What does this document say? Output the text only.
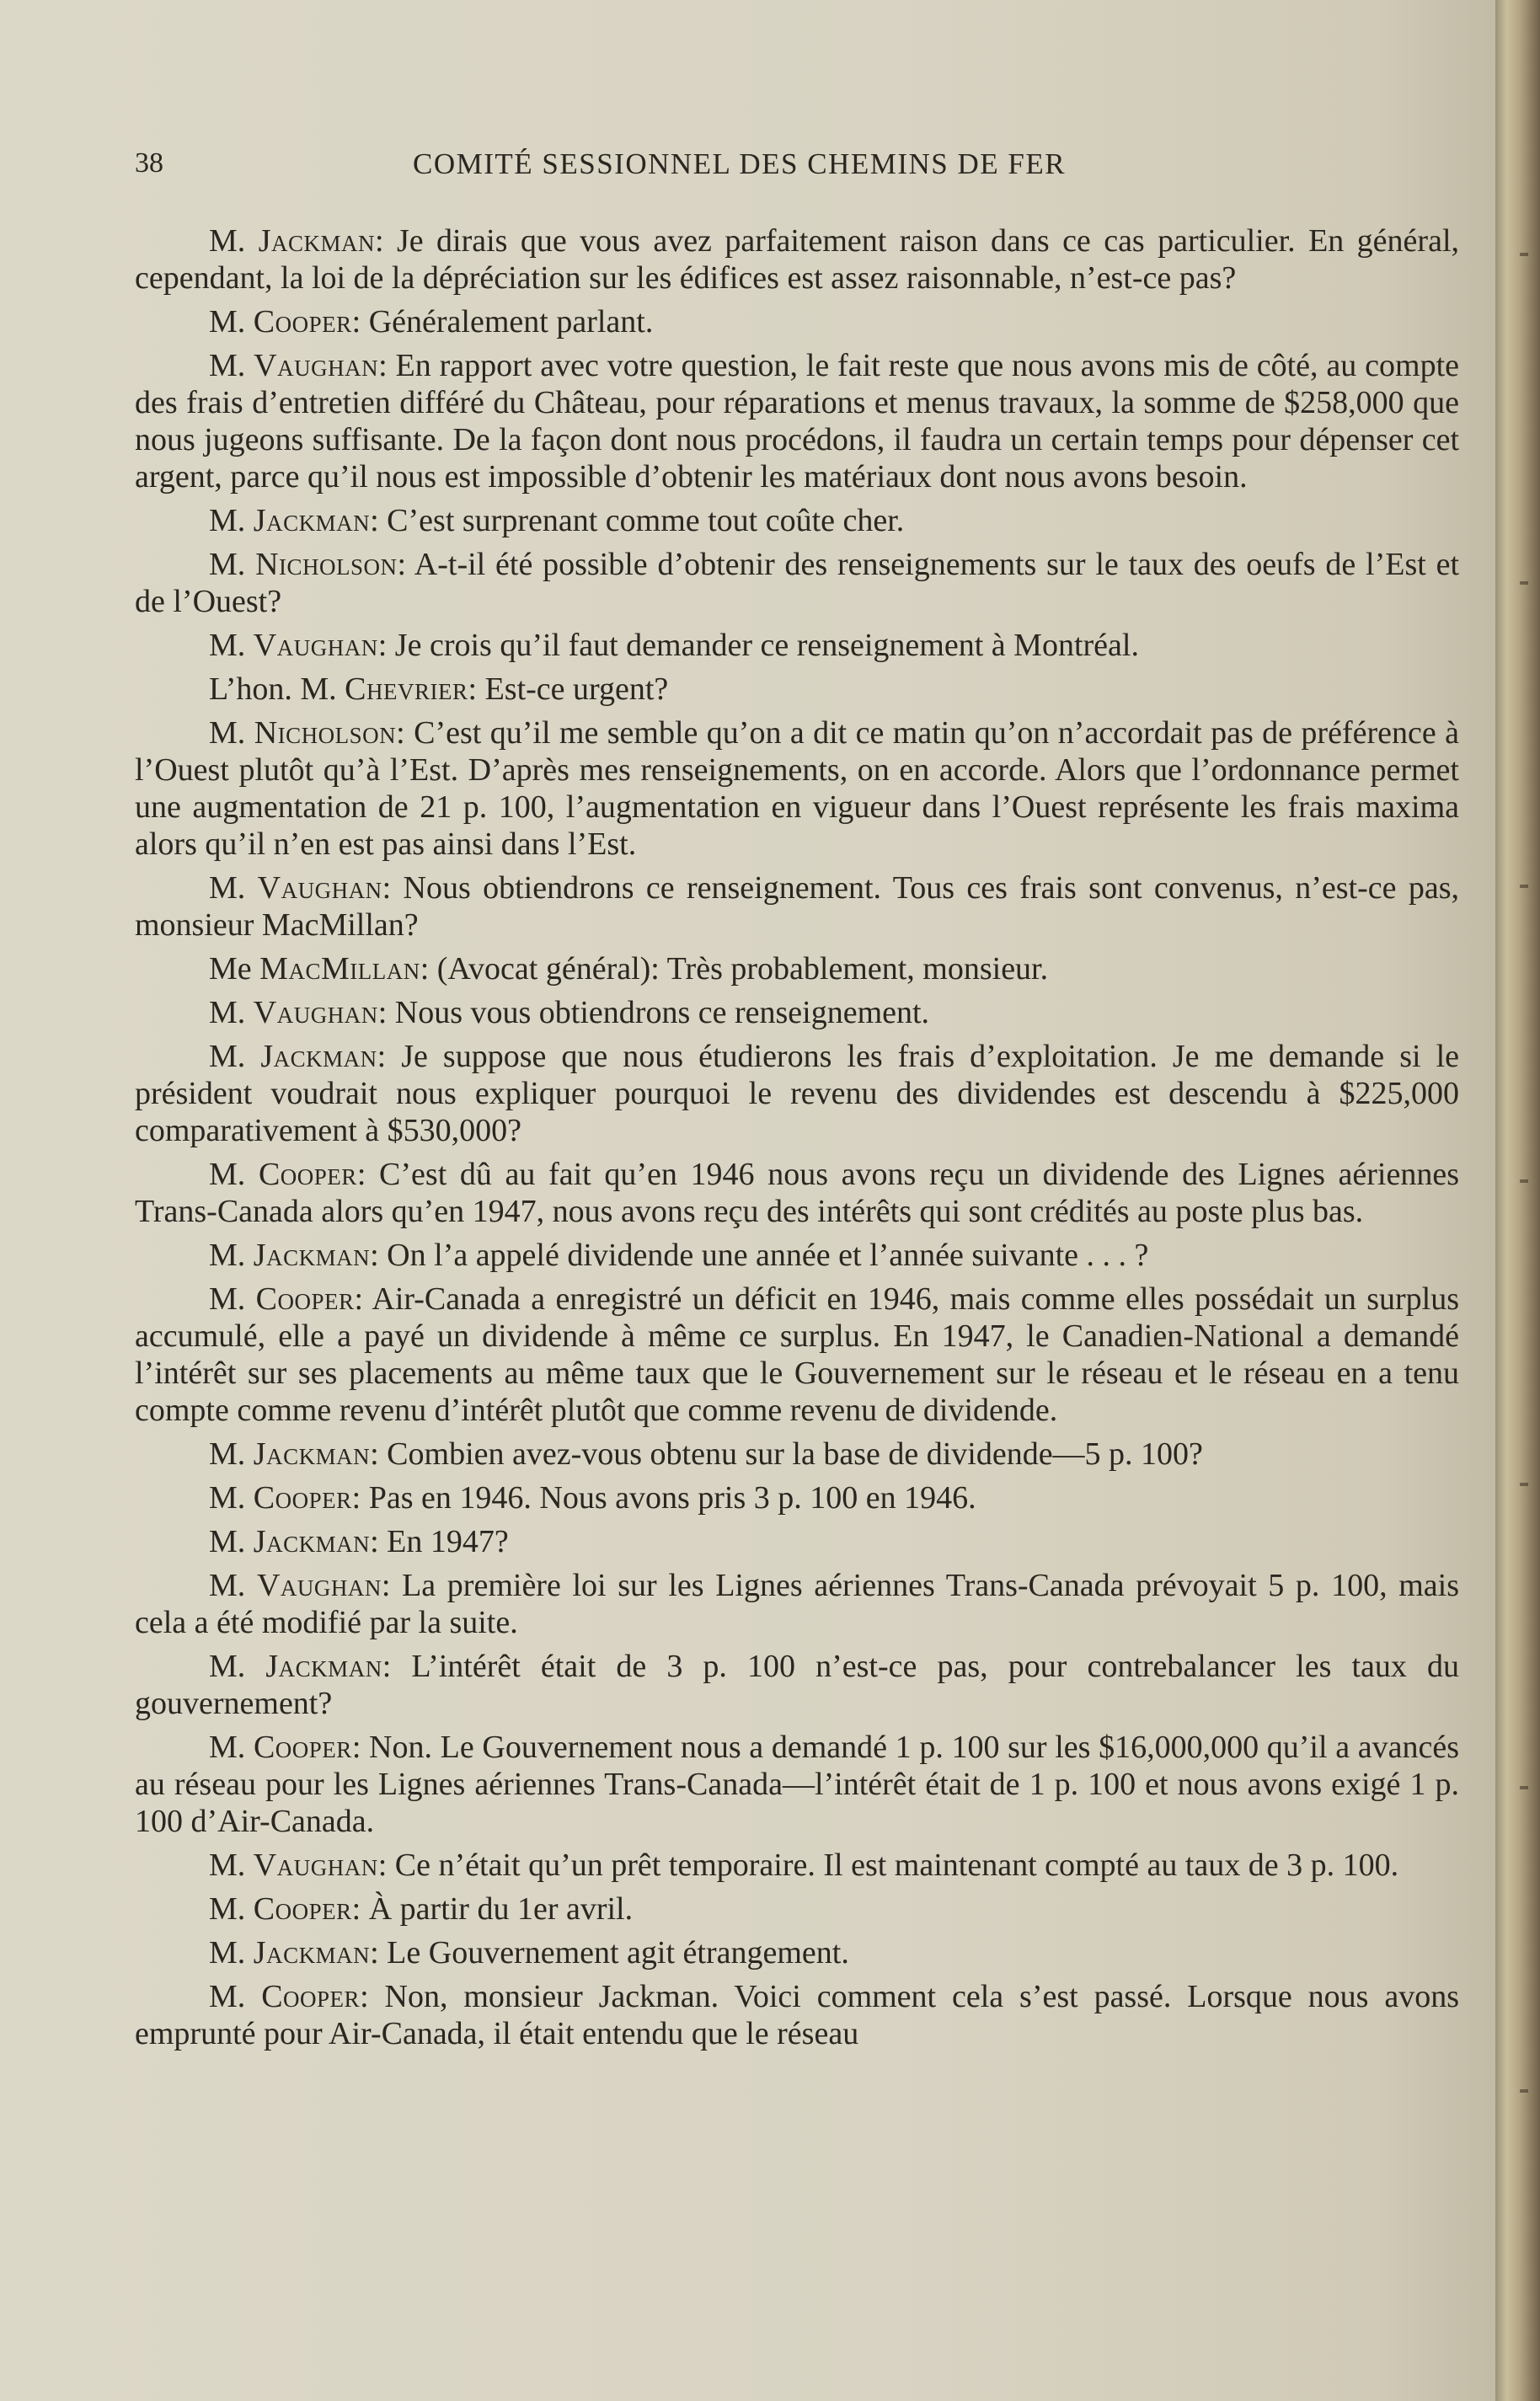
38	COMITÉ SESSIONNEL DES CHEMINS DE FER

M. Jackman: Je dirais que vous avez parfaitement raison dans ce cas particulier. En général, cependant, la loi de la dépréciation sur les édifices est assez raisonnable, n’est-ce pas?

M. Cooper: Généralement parlant.

M. Vaughan: En rapport avec votre question, le fait reste que nous avons mis de côté, au compte des frais d’entretien différé du Château, pour réparations et menus travaux, la somme de $258,000 que nous jugeons suffisante. De la façon dont nous procédons, il faudra un certain temps pour dépenser cet argent, parce qu’il nous est impossible d’obtenir les matériaux dont nous avons besoin.

M. Jackman: C’est surprenant comme tout coûte cher.

M. Nicholson: A-t-il été possible d’obtenir des renseignements sur le taux des oeufs de l’Est et de l’Ouest?

M. Vaughan: Je crois qu’il faut demander ce renseignement à Montréal.

L’hon. M. Chevrier: Est-ce urgent?

M. Nicholson: C’est qu’il me semble qu’on a dit ce matin qu’on n’accordait pas de préférence à l’Ouest plutôt qu’à l’Est. D’après mes renseignements, on en accorde. Alors que l’ordonnance permet une augmentation de 21 p. 100, l’augmentation en vigueur dans l’Ouest représente les frais maxima alors qu’il n’en est pas ainsi dans l’Est.

M. Vaughan: Nous obtiendrons ce renseignement. Tous ces frais sont convenus, n’est-ce pas, monsieur MacMillan?

Me MacMillan: (Avocat général): Très probablement, monsieur.

M. Vaughan: Nous vous obtiendrons ce renseignement.

M. Jackman: Je suppose que nous étudierons les frais d’exploitation. Je me demande si le président voudrait nous expliquer pourquoi le revenu des dividendes est descendu à $225,000 comparativement à $530,000?

M. Cooper: C’est dû au fait qu’en 1946 nous avons reçu un dividende des Lignes aériennes Trans-Canada alors qu’en 1947, nous avons reçu des intérêts qui sont crédités au poste plus bas.

M. Jackman: On l’a appelé dividende une année et l’année suivante . . . ?

M. Cooper: Air-Canada a enregistré un déficit en 1946, mais comme elles possédait un surplus accumulé, elle a payé un dividende à même ce surplus. En 1947, le Canadien-National a demandé l’intérêt sur ses placements au même taux que le Gouvernement sur le réseau et le réseau en a tenu compte comme revenu d’intérêt plutôt que comme revenu de dividende.

M. Jackman: Combien avez-vous obtenu sur la base de dividende—5 p. 100?

M. Cooper: Pas en 1946. Nous avons pris 3 p. 100 en 1946.

M. Jackman: En 1947?

M. Vaughan: La première loi sur les Lignes aériennes Trans-Canada prévoyait 5 p. 100, mais cela a été modifié par la suite.

M. Jackman: L’intérêt était de 3 p. 100 n’est-ce pas, pour contrebalancer les taux du gouvernement?

M. Cooper: Non. Le Gouvernement nous a demandé 1 p. 100 sur les $16,000,000 qu’il a avancés au réseau pour les Lignes aériennes Trans-Canada—l’intérêt était de 1 p. 100 et nous avons exigé 1 p. 100 d’Air-Canada.

M. Vaughan: Ce n’était qu’un prêt temporaire. Il est maintenant compté au taux de 3 p. 100.

M. Cooper: À partir du 1er avril.

M. Jackman: Le Gouvernement agit étrangement.

M. Cooper: Non, monsieur Jackman. Voici comment cela s’est passé. Lorsque nous avons emprunté pour Air-Canada, il était entendu que le réseau
